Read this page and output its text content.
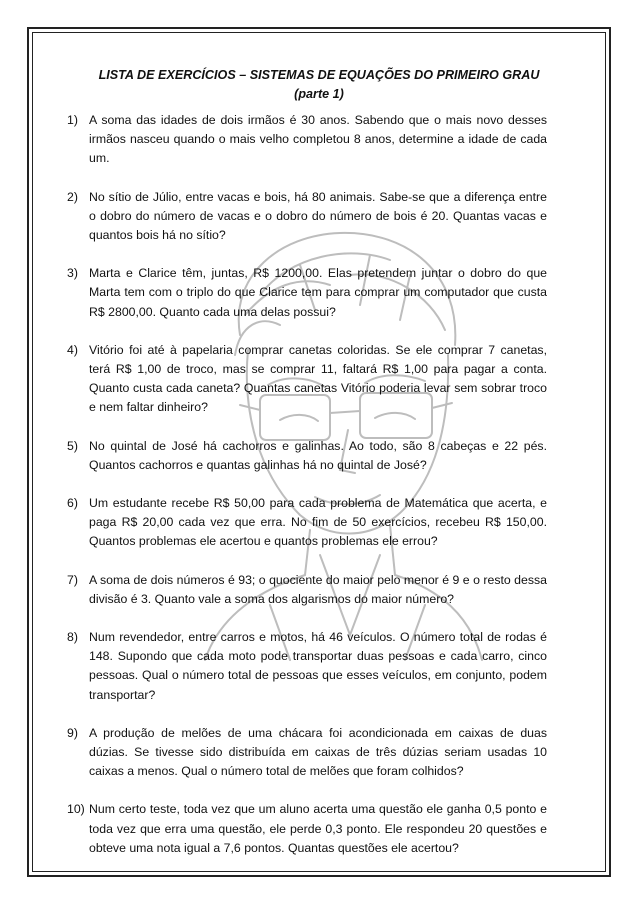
LISTA DE EXERCÍCIOS – SISTEMAS DE EQUAÇÕES DO PRIMEIRO GRAU
(parte 1)
1) A soma das idades de dois irmãos é 30 anos. Sabendo que o mais novo desses irmãos nasceu quando o mais velho completou 8 anos, determine a idade de cada um.
2) No sítio de Júlio, entre vacas e bois, há 80 animais. Sabe-se que a diferença entre o dobro do número de vacas e o dobro do número de bois é 20. Quantas vacas e quantos bois há no sítio?
3) Marta e Clarice têm, juntas, R$ 1200,00. Elas pretendem juntar o dobro do que Marta tem com o triplo do que Clarice tem para comprar um computador que custa R$ 2800,00. Quanto cada uma delas possui?
4) Vitório foi até à papelaria comprar canetas coloridas. Se ele comprar 7 canetas, terá R$ 1,00 de troco, mas se comprar 11, faltará R$ 1,00 para pagar a conta. Quanto custa cada caneta? Quantas canetas Vitório poderia levar sem sobrar troco e nem faltar dinheiro?
5) No quintal de José há cachorros e galinhas. Ao todo, são 8 cabeças e 22 pés. Quantos cachorros e quantas galinhas há no quintal de José?
6) Um estudante recebe R$ 50,00 para cada problema de Matemática que acerta, e paga R$ 20,00 cada vez que erra. No fim de 50 exercícios, recebeu R$ 150,00. Quantos problemas ele acertou e quantos problemas ele errou?
7) A soma de dois números é 93; o quociente do maior pelo menor é 9 e o resto dessa divisão é 3. Quanto vale a soma dos algarismos do maior número?
8) Num revendedor, entre carros e motos, há 46 veículos. O número total de rodas é 148. Supondo que cada moto pode transportar duas pessoas e cada carro, cinco pessoas. Qual o número total de pessoas que esses veículos, em conjunto, podem transportar?
9) A produção de melões de uma chácara foi acondicionada em caixas de duas dúzias. Se tivesse sido distribuída em caixas de três dúzias seriam usadas 10 caixas a menos. Qual o número total de melões que foram colhidos?
10) Num certo teste, toda vez que um aluno acerta uma questão ele ganha 0,5 ponto e toda vez que erra uma questão, ele perde 0,3 ponto. Ele respondeu 20 questões e obteve uma nota igual a 7,6 pontos. Quantas questões ele acertou?
